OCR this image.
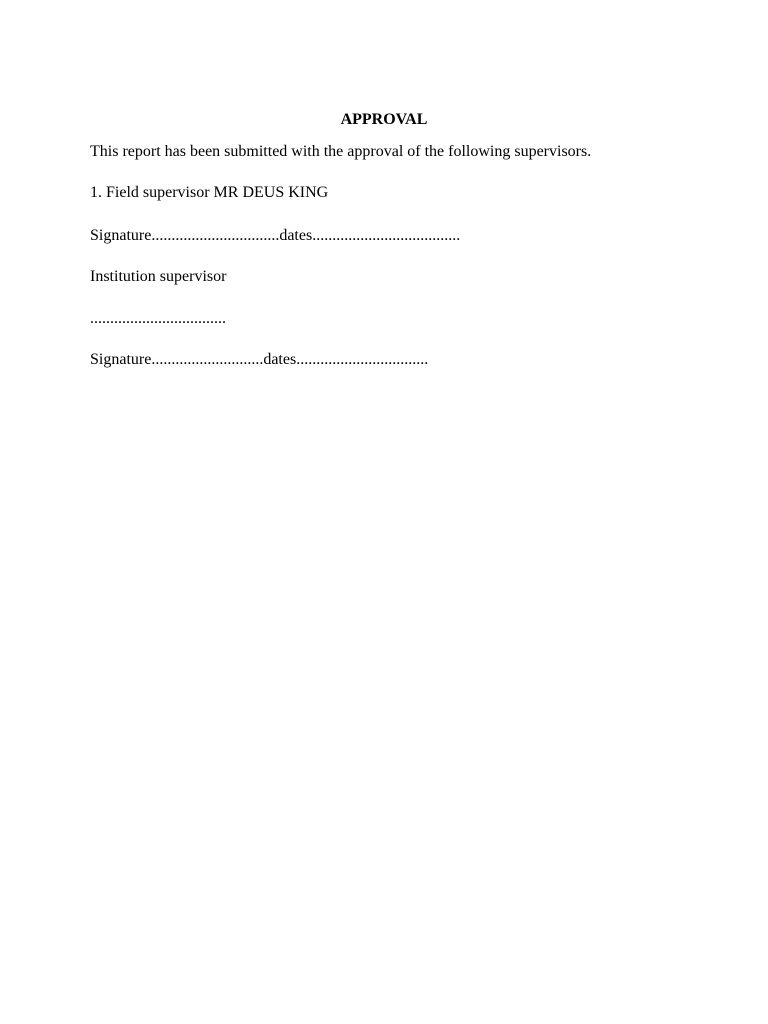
APPROVAL
This report has been submitted with the approval of the following supervisors.
1. Field supervisor MR DEUS KING
Signature................................dates.....................................
Institution supervisor
..................................
Signature............................dates.................................
